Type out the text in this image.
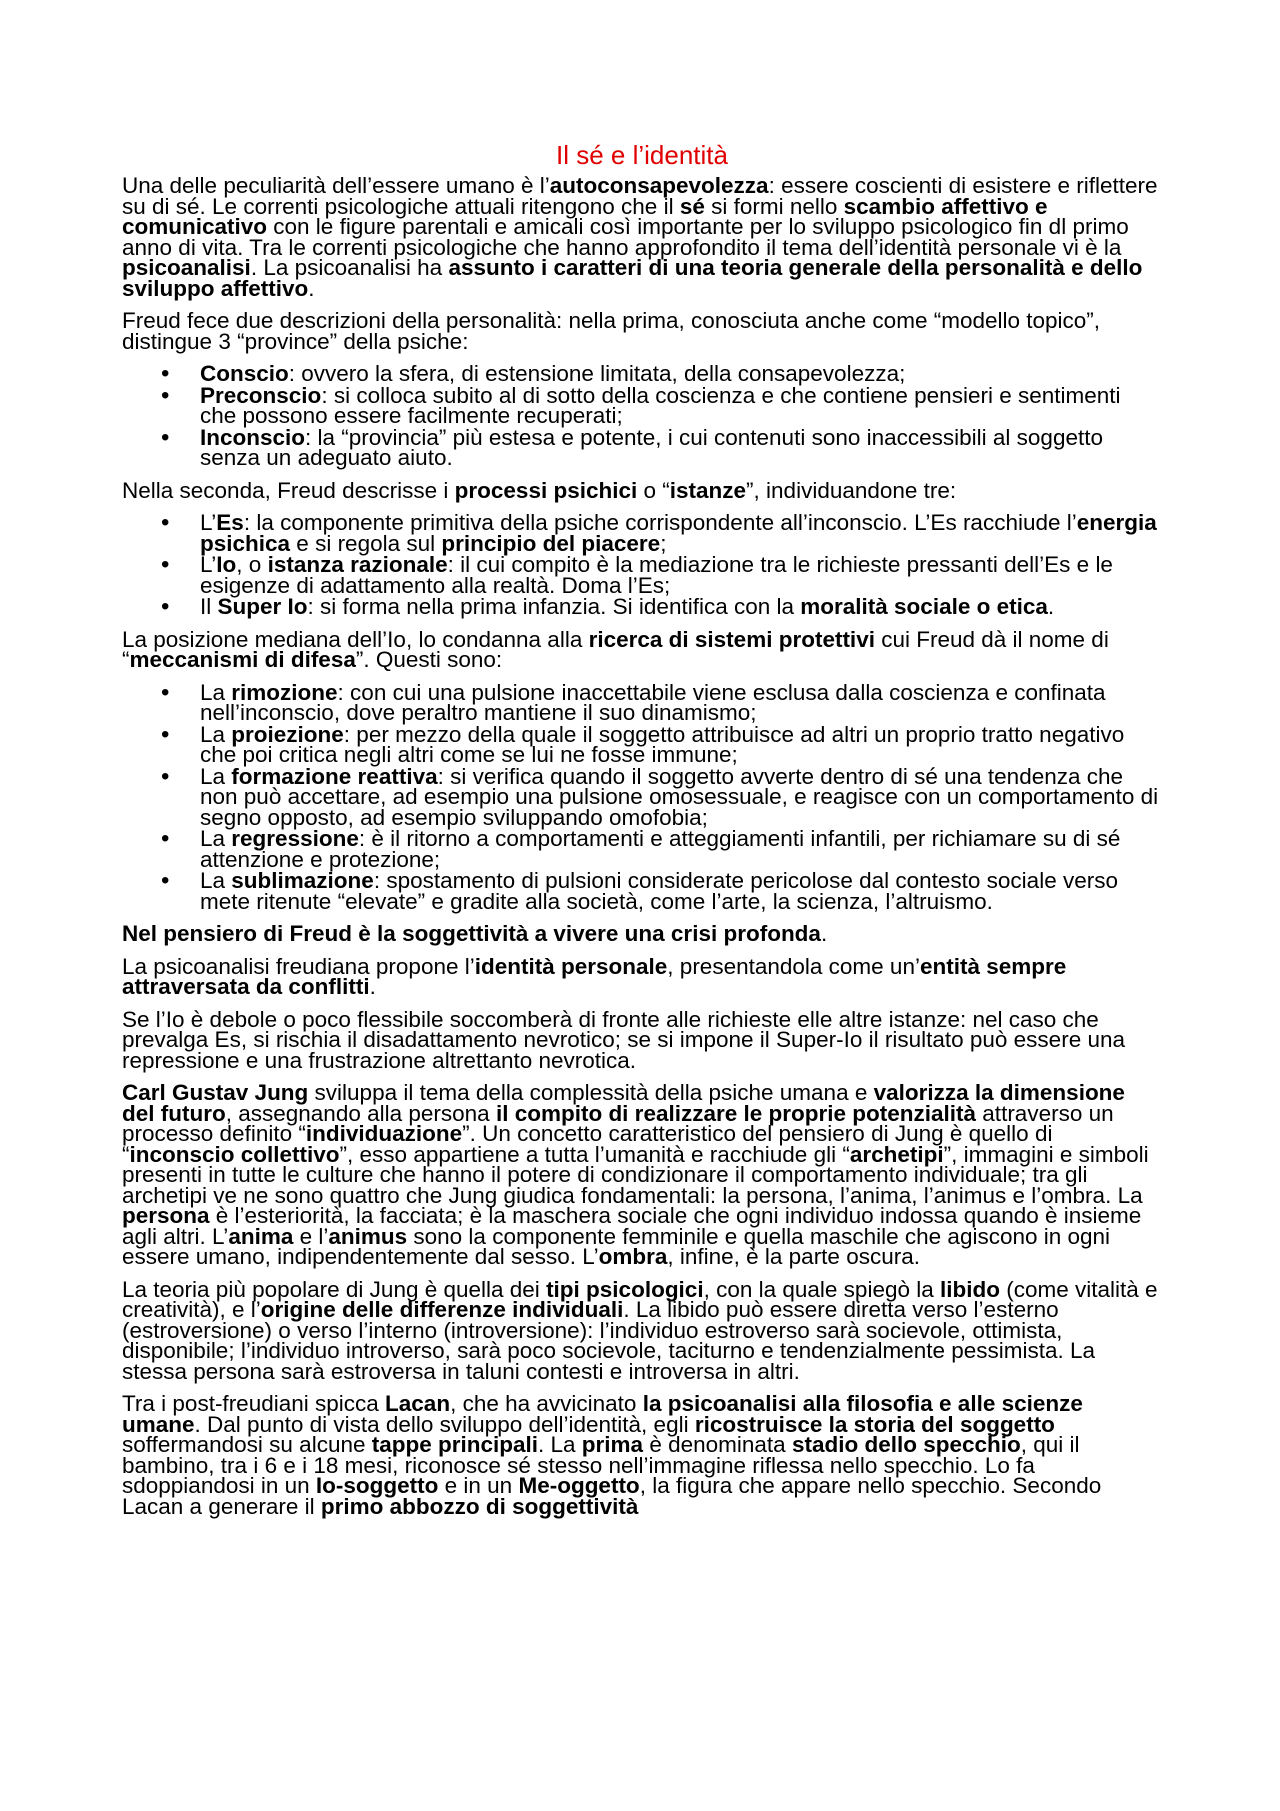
Il sé e l’identità

Una delle peculiarità dell’essere umano è l’autoconsapevolezza: essere coscienti di esistere e riflettere su di sé. Le correnti psicologiche attuali ritengono che il sé si formi nello scambio affettivo e comunicativo con le figure parentali e amicali così importante per lo sviluppo psicologico fin dl primo anno di vita. Tra le correnti psicologiche che hanno approfondito il tema dell’identità personale vi è la psicoanalisi. La psicoanalisi ha assunto i caratteri di una teoria generale della personalità e dello sviluppo affettivo.

Freud fece due descrizioni della personalità: nella prima, conosciuta anche come “modello topico”, distingue 3 “province” della psiche:

• Conscio: ovvero la sfera, di estensione limitata, della consapevolezza;
• Preconscio: si colloca subito al di sotto della coscienza e che contiene pensieri e sentimenti che possono essere facilmente recuperati;
• Inconscio: la “provincia” più estesa e potente, i cui contenuti sono inaccessibili al soggetto senza un adeguato aiuto.

Nella seconda, Freud descrisse i processi psichici o “istanze”, individuandone tre:

• L’Es: la componente primitiva della psiche corrispondente all’inconscio. L’Es racchiude l’energia psichica e si regola sul principio del piacere;
• L’Io, o istanza razionale: il cui compito è la mediazione tra le richieste pressanti dell’Es e le esigenze di adattamento alla realtà. Doma l’Es;
• Il Super Io: si forma nella prima infanzia. Si identifica con la moralità sociale o etica.

La posizione mediana dell’Io, lo condanna alla ricerca di sistemi protettivi cui Freud dà il nome di “meccanismi di difesa”. Questi sono:

• La rimozione: con cui una pulsione inaccettabile viene esclusa dalla coscienza e confinata nell’inconscio, dove peraltro mantiene il suo dinamismo;
• La proiezione: per mezzo della quale il soggetto attribuisce ad altri un proprio tratto negativo che poi critica negli altri come se lui ne fosse immune;
• La formazione reattiva: si verifica quando il soggetto avverte dentro di sé una tendenza che non può accettare, ad esempio una pulsione omosessuale, e reagisce con un comportamento di segno opposto, ad esempio sviluppando omofobia;
• La regressione: è il ritorno a comportamenti e atteggiamenti infantili, per richiamare su di sé attenzione e protezione;
• La sublimazione: spostamento di pulsioni considerate pericolose dal contesto sociale verso mete ritenute “elevate” e gradite alla società, come l’arte, la scienza, l’altruismo.

Nel pensiero di Freud è la soggettività a vivere una crisi profonda.

La psicoanalisi freudiana propone l’identità personale, presentandola come un’entità sempre attraversata da conflitti.

Se l’Io è debole o poco flessibile soccomberà di fronte alle richieste elle altre istanze: nel caso che prevalga Es, si rischia il disadattamento nevrotico; se si impone il Super-Io il risultato può essere una repressione e una frustrazione altrettanto nevrotica.

Carl Gustav Jung sviluppa il tema della complessità della psiche umana e valorizza la dimensione del futuro, assegnando alla persona il compito di realizzare le proprie potenzialità attraverso un processo definito “individuazione”. Un concetto caratteristico del pensiero di Jung è quello di “inconscio collettivo”, esso appartiene a tutta l’umanità e racchiude gli “archetipi”, immagini e simboli presenti in tutte le culture che hanno il potere di condizionare il comportamento individuale; tra gli archetipi ve ne sono quattro che Jung giudica fondamentali: la persona, l’anima, l’animus e l’ombra. La persona è l’esteriorità, la facciata; è la maschera sociale che ogni individuo indossa quando è insieme agli altri. L’anima e l’animus sono la componente femminile e quella maschile che agiscono in ogni essere umano, indipendentemente dal sesso. L’ombra, infine, è la parte oscura.

La teoria più popolare di Jung è quella dei tipi psicologici, con la quale spiegò la libido (come vitalità e creatività), e l’origine delle differenze individuali. La libido può essere diretta verso l’esterno (estroversione) o verso l’interno (introversione): l’individuo estroverso sarà socievole, ottimista, disponibile; l’individuo introverso, sarà poco socievole, taciturno e tendenzialmente pessimista. La stessa persona sarà estroversa in taluni contesti e introversa in altri.

Tra i post-freudiani spicca Lacan, che ha avvicinato la psicoanalisi alla filosofia e alle scienze umane. Dal punto di vista dello sviluppo dell’identità, egli ricostruisce la storia del soggetto soffermandosi su alcune tappe principali. La prima è denominata stadio dello specchio, qui il bambino, tra i 6 e i 18 mesi, riconosce sé stesso nell’immagine riflessa nello specchio. Lo fa sdoppiandosi in un Io-soggetto e in un Me-oggetto, la figura che appare nello specchio. Secondo Lacan a generare il primo abbozzo di soggettività
